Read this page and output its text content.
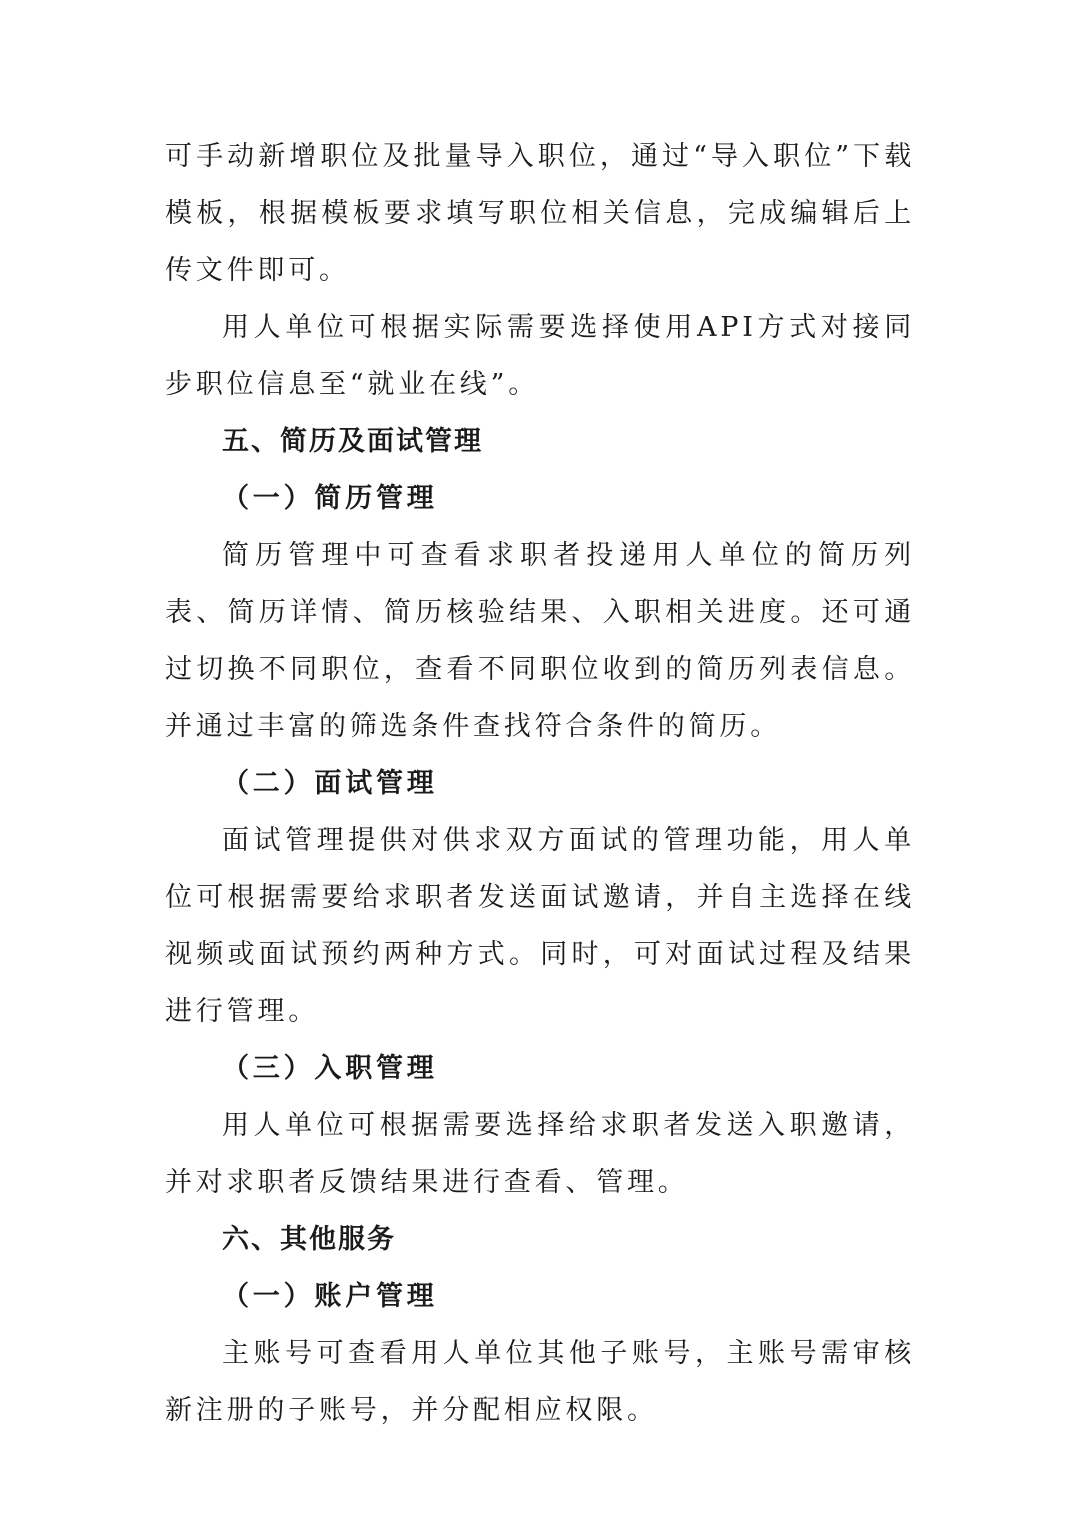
可手动新增职位及批量导入职位，通过“导入职位”下载模板，根据模板要求填写职位相关信息，完成编辑后上传文件即可。

用人单位可根据实际需要选择使用API方式对接同步职位信息至“就业在线”。

五、简历及面试管理
（一）简历管理

简历管理中可查看求职者投递用人单位的简历列表、简历详情、简历核验结果、入职相关进度。还可通过切换不同职位，查看不同职位收到的简历列表信息。并通过丰富的筛选条件查找符合条件的简历。

（二）面试管理

面试管理提供对供求双方面试的管理功能，用人单位可根据需要给求职者发送面试邀请，并自主选择在线视频或面试预约两种方式。同时，可对面试过程及结果进行管理。

（三）入职管理

用人单位可根据需要选择给求职者发送入职邀请，并对求职者反馈结果进行查看、管理。

六、其他服务
（一）账户管理

主账号可查看用人单位其他子账号，主账号需审核新注册的子账号，并分配相应权限。
